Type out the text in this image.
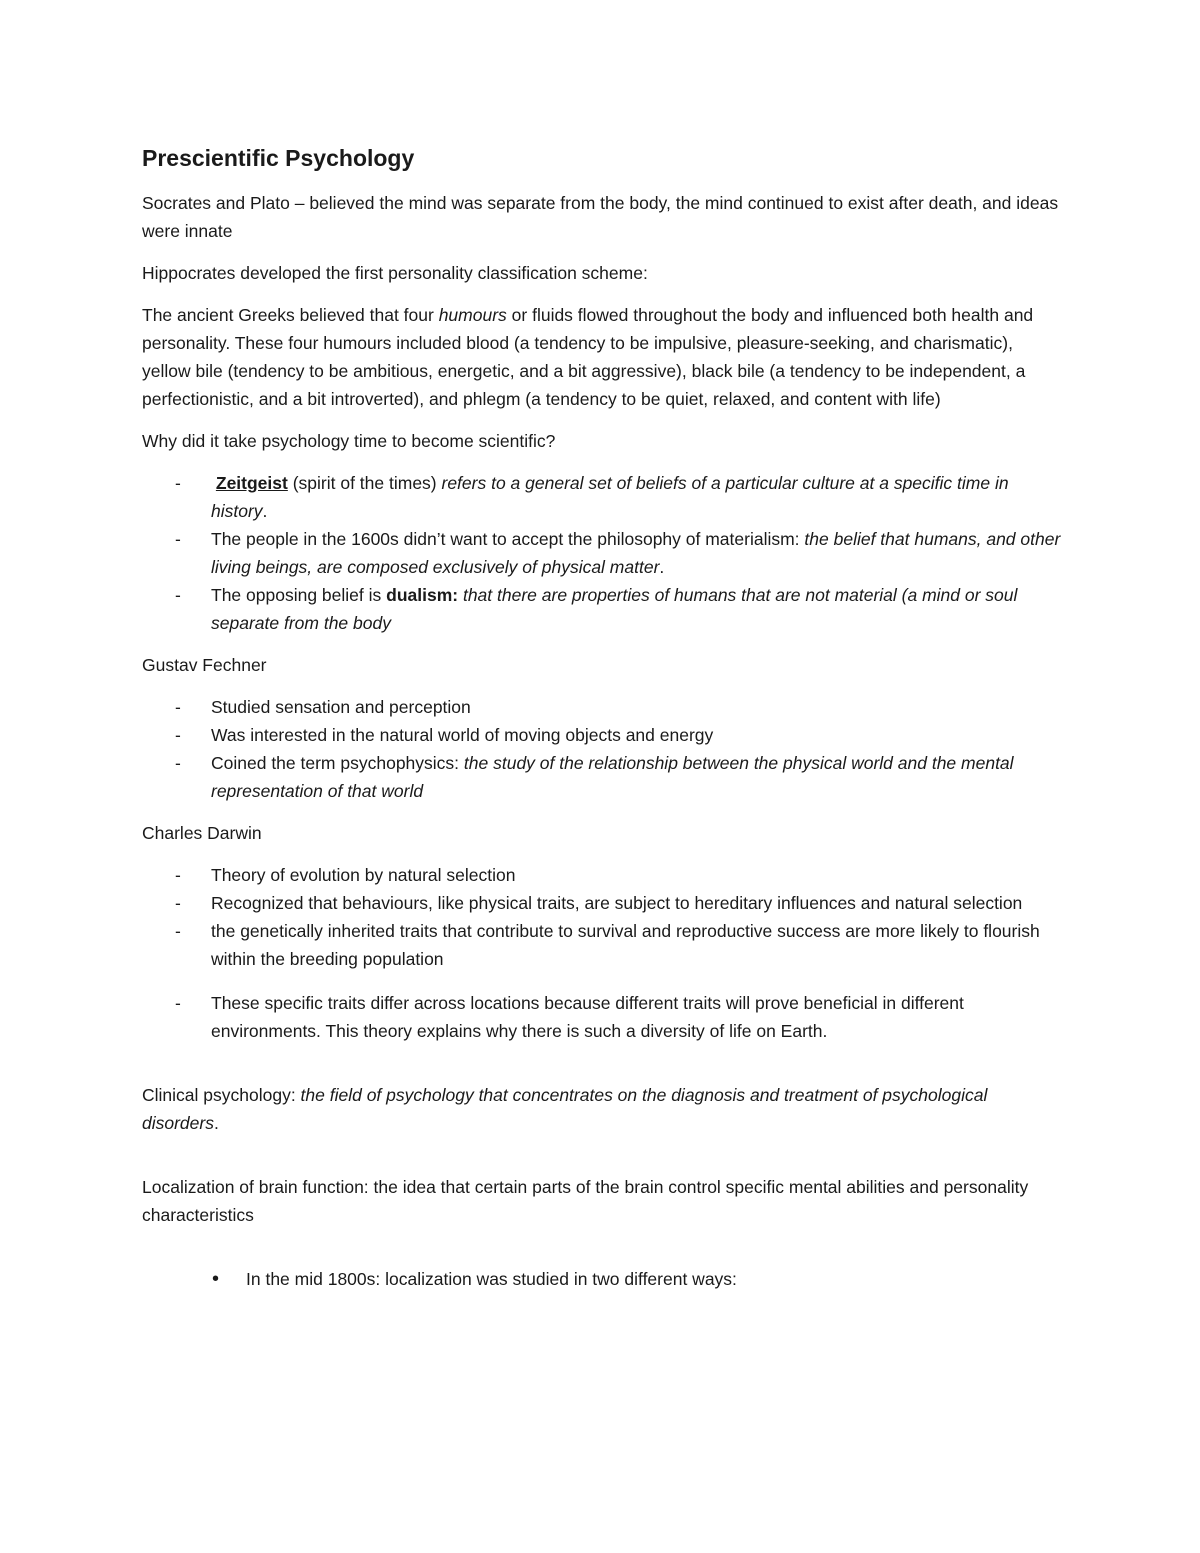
Prescientific Psychology

Socrates and Plato – believed the mind was separate from the body, the mind continued to exist after death, and ideas were innate

Hippocrates developed the first personality classification scheme:

The ancient Greeks believed that four humours or fluids flowed throughout the body and influenced both health and personality. These four humours included blood (a tendency to be impulsive, pleasure-seeking, and charismatic), yellow bile (tendency to be ambitious, energetic, and a bit aggressive), black bile (a tendency to be independent, a perfectionistic, and a bit introverted), and phlegm (a tendency to be quiet, relaxed, and content with life)

Why did it take psychology time to become scientific?

- Zeitgeist (spirit of the times) refers to a general set of beliefs of a particular culture at a specific time in history.
- The people in the 1600s didn’t want to accept the philosophy of materialism: the belief that humans, and other living beings, are composed exclusively of physical matter.
- The opposing belief is dualism: that there are properties of humans that are not material (a mind or soul separate from the body

Gustav Fechner

- Studied sensation and perception
- Was interested in the natural world of moving objects and energy
- Coined the term psychophysics: the study of the relationship between the physical world and the mental representation of that world

Charles Darwin

- Theory of evolution by natural selection
- Recognized that behaviours, like physical traits, are subject to hereditary influences and natural selection
- the genetically inherited traits that contribute to survival and reproductive success are more likely to flourish within the breeding population
- These specific traits differ across locations because different traits will prove beneficial in different environments. This theory explains why there is such a diversity of life on Earth.

Clinical psychology: the field of psychology that concentrates on the diagnosis and treatment of psychological disorders.

Localization of brain function: the idea that certain parts of the brain control specific mental abilities and personality characteristics

• In the mid 1800s: localization was studied in two different ways:
